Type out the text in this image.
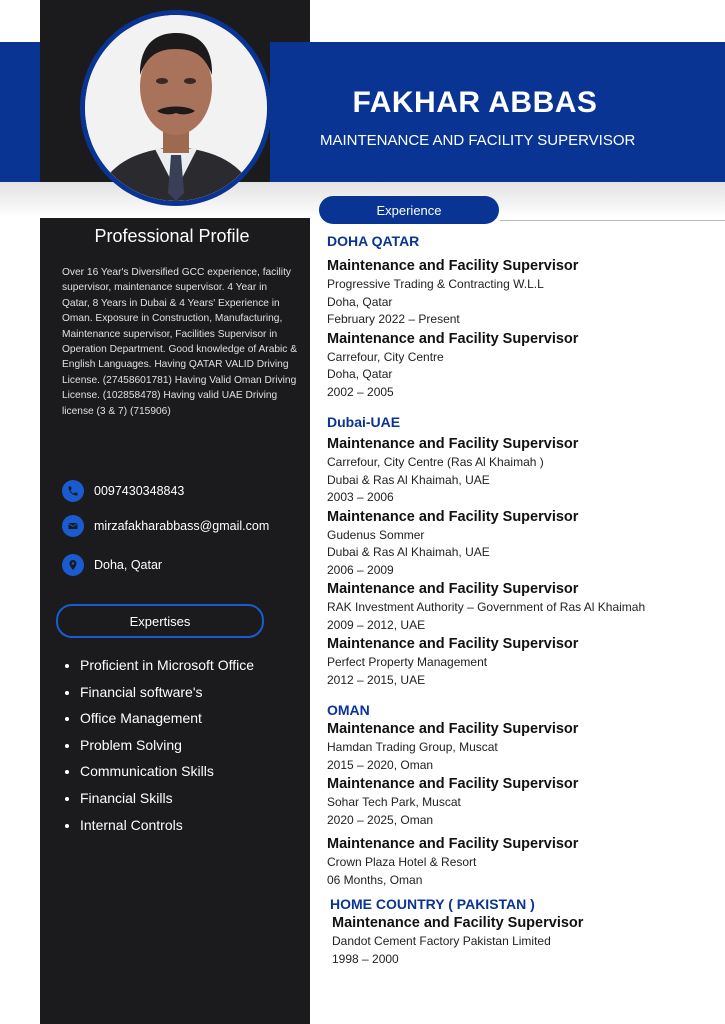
FAKHAR ABBAS
MAINTENANCE AND FACILITY SUPERVISOR
Professional Profile
Over 16 Year's Diversified GCC experience, facility supervisor, maintenance supervisor. 4 Year in Qatar, 8 Years in Dubai & 4 Years' Experience in Oman. Exposure in Construction, Manufacturing, Maintenance supervisor, Facilities Supervisor in Operation Department. Good knowledge of Arabic & English Languages. Having QATAR VALID Driving License. (27458601781) Having Valid Oman Driving License. (102858478) Having valid UAE Driving license (3 & 7) (715906)
0097430348843
mirzafakharabbass@gmail.com
Doha, Qatar
Expertises
• Proficient in Microsoft Office
• Financial software's
• Office Management
• Problem Solving
• Communication Skills
• Financial Skills
• Internal Controls
Experience

DOHA QATAR

Maintenance and Facility Supervisor

Progressive Trading & Contracting W.L.L

Doha, Qatar

February 2022 – Present

Maintenance and Facility Supervisor

Carrefour, City Centre

Doha, Qatar

2002 – 2005

Dubai-UAE

Maintenance and Facility Supervisor

Carrefour, City Centre (Ras Al Khaimah )

Dubai & Ras Al Khaimah, UAE

2003 – 2006

Maintenance and Facility Supervisor

Gudenus Sommer

Dubai & Ras Al Khaimah, UAE

2006 – 2009

Maintenance and Facility Supervisor

RAK Investment Authority – Government of Ras Al Khaimah

2009 – 2012, UAE

Maintenance and Facility Supervisor

Perfect Property Management

2012 – 2015, UAE

OMAN

Maintenance and Facility Supervisor

Hamdan Trading Group, Muscat

2015 – 2020, Oman

Maintenance and Facility Supervisor

Sohar Tech Park, Muscat

2020 – 2025, Oman

Maintenance and Facility Supervisor

Crown Plaza Hotel & Resort

06 Months, Oman

HOME COUNTRY ( PAKISTAN )

Maintenance and Facility Supervisor

Dandot Cement Factory Pakistan Limited

1998 – 2000
